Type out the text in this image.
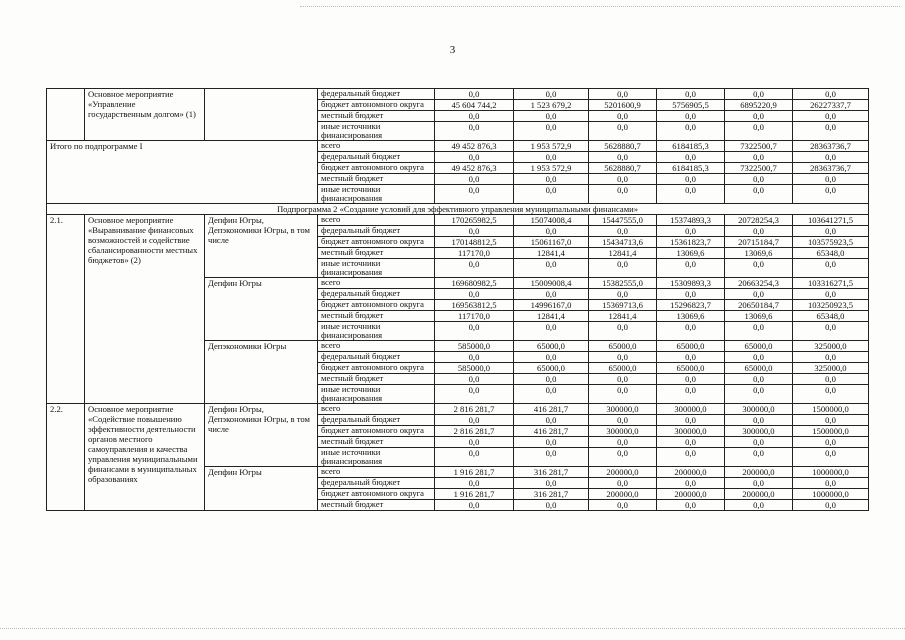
3
	Основное мероприятие «Управление государственным долгом» (1)		федеральный бюджет	0,0	0,0	0,0	0,0	0,0	0,0
			бюджет автономного округа	45 604 744,2	1 523 679,2	5201600,9	5756905,5	6895220,9	26227337,7
			местный бюджет	0,0	0,0	0,0	0,0	0,0	0,0
			иные источники финансирования	0,0	0,0	0,0	0,0	0,0	0,0
Итого по подпрограмме I			всего	49 452 876,3	1 953 572,9	5628880,7	6184185,3	7322500,7	28363736,7
			федеральный бюджет	0,0	0,0	0,0	0,0	0,0	0,0
			бюджет автономного округа	49 452 876,3	1 953 572,9	5628880,7	6184185,3	7322500,7	28363736,7
			местный бюджет	0,0	0,0	0,0	0,0	0,0	0,0
			иные источники финансирования	0,0	0,0	0,0	0,0	0,0	0,0
Подпрограмма 2 «Создание условий для эффективного управления муниципальными финансами»									
2.1.	Основное мероприятие «Выравнивание финансовых возможностей и содействие сбалансированности местных бюджетов» (2)	Депфин Югры, Депэкономики Югры, в том числе	всего	170265982,5	15074008,4	15447555,0	15374893,3	20728254,3	103641271,5
			федеральный бюджет	0,0	0,0	0,0	0,0	0,0	0,0
			бюджет автономного округа	170148812,5	15061167,0	15434713,6	15361823,7	20715184,7	103575923,5
			местный бюджет	117170,0	12841,4	12841,4	13069,6	13069,6	65348,0
			иные источники финансирования	0,0	0,0	0,0	0,0	0,0	0,0
		Депфин Югры	всего	169680982,5	15009008,4	15382555,0	15309893,3	20663254,3	103316271,5
			федеральный бюджет	0,0	0,0	0,0	0,0	0,0	0,0
			бюджет автономного округа	169563812,5	14996167,0	15369713,6	15296823,7	20650184,7	103250923,5
			местный бюджет	117170,0	12841,4	12841,4	13069,6	13069,6	65348,0
			иные источники финансирования	0,0	0,0	0,0	0,0	0,0	0,0
		Депэкономики Югры	всего	585000,0	65000,0	65000,0	65000,0	65000,0	325000,0
			федеральный бюджет	0,0	0,0	0,0	0,0	0,0	0,0
			бюджет автономного округа	585000,0	65000,0	65000,0	65000,0	65000,0	325000,0
			местный бюджет	0,0	0,0	0,0	0,0	0,0	0,0
			иные источники финансирования	0,0	0,0	0,0	0,0	0,0	0,0
2.2.	Основное мероприятие «Содействие повышению эффективности деятельности органов местного самоуправления и качества управления муниципальными финансами в муниципальных образованиях	Депфин Югры, Депэкономики Югры, в том числе	всего	2 816 281,7	416 281,7	300000,0	300000,0	300000,0	1500000,0
			федеральный бюджет	0,0	0,0	0,0	0,0	0,0	0,0
			бюджет автономного округа	2 816 281,7	416 281,7	300000,0	300000,0	300000,0	1500000,0
			местный бюджет	0,0	0,0	0,0	0,0	0,0	0,0
			иные источники финансирования	0,0	0,0	0,0	0,0	0,0	0,0
		Депфин Югры	всего	1 916 281,7	316 281,7	200000,0	200000,0	200000,0	1000000,0
			федеральный бюджет	0,0	0,0	0,0	0,0	0,0	0,0
			бюджет автономного округа	1 916 281,7	316 281,7	200000,0	200000,0	200000,0	1000000,0
			местный бюджет	0,0	0,0	0,0	0,0	0,0	0,0
